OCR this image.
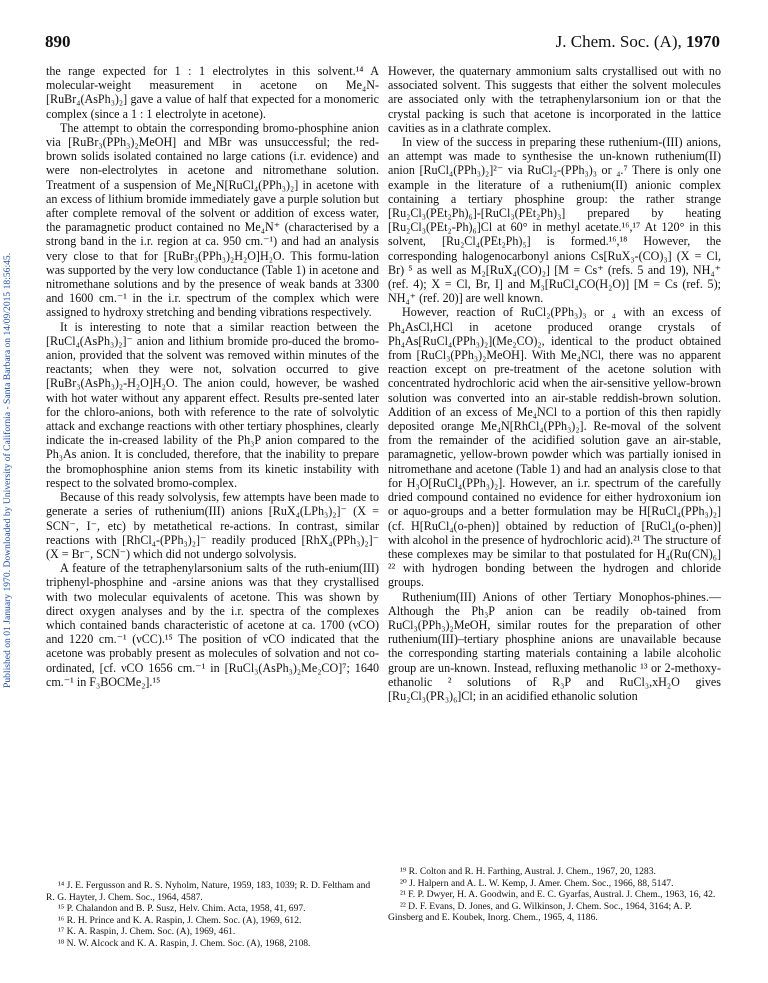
890	J. Chem. Soc. (A), 1970
Published on 01 January 1970. Downloaded by University of California - Santa Barbara on 14/09/2015 18:56:45.

the range expected for 1 : 1 electrolytes in this solvent.¹⁴ A molecular-weight measurement in acetone on Me₄N-[RuBr₄(AsPh₃)₂] gave a value of half that expected for a monomeric complex (since a 1 : 1 electrolyte in acetone).

The attempt to obtain the corresponding bromo-phosphine anion via [RuBr₃(PPh₃)₂MeOH] and MBr was unsuccessful; the red-brown solids isolated contained no large cations (i.r. evidence) and were non-electrolytes in acetone and nitromethane solution. Treatment of a suspension of Me₄N[RuCl₄(PPh₃)₂] in acetone with an excess of lithium bromide immediately gave a purple solution but after complete removal of the solvent or addition of excess water, the paramagnetic product contained no Me₄N⁺ (characterised by a strong band in the i.r. region at ca. 950 cm.⁻¹) and had an analysis very close to that for [RuBr₃(PPh₃)₂H₂O]H₂O. This formu-lation was supported by the very low conductance (Table 1) in acetone and nitromethane solutions and by the presence of weak bands at 3300 and 1600 cm.⁻¹ in the i.r. spectrum of the complex which were assigned to hydroxy stretching and bending vibrations respectively.

It is interesting to note that a similar reaction between the [RuCl₄(AsPh₃)₂]⁻ anion and lithium bromide pro-duced the bromo-anion, provided that the solvent was removed within minutes of the reactants; when they were not, solvation occurred to give [RuBr₃(AsPh₃)₂-H₂O]H₂O. The anion could, however, be washed with hot water without any apparent effect. Results pre-sented later for the chloro-anions, both with reference to the rate of solvolytic attack and exchange reactions with other tertiary phosphines, clearly indicate the in-creased lability of the Ph₃P anion compared to the Ph₃As anion. It is concluded, therefore, that the inability to prepare the bromophosphine anion stems from its kinetic instability with respect to the solvated bromo-complex.

Because of this ready solvolysis, few attempts have been made to generate a series of ruthenium(III) anions [RuX₄(LPh₃)₂]⁻ (X = SCN⁻, I⁻, etc) by metathetical re-actions. In contrast, similar reactions with [RhCl₄-(PPh₃)₂]⁻ readily produced [RhX₄(PPh₃)₂]⁻ (X = Br⁻, SCN⁻) which did not undergo solvolysis.

A feature of the tetraphenylarsonium salts of the ruth-enium(III) triphenyl-phosphine and -arsine anions was that they crystallised with two molecular equivalents of acetone. This was shown by direct oxygen analyses and by the i.r. spectra of the complexes which contained bands characteristic of acetone at ca. 1700 (νCO) and 1220 cm.⁻¹ (νCC).¹⁵ The position of νCO indicated that the acetone was probably present as molecules of solvation and not co-ordinated, [cf. νCO 1656 cm.⁻¹ in [RuCl₃(AsPh₃)₂Me₂CO]⁷; 1640 cm.⁻¹ in F₃BOCMe₂].¹⁵

¹⁴ J. E. Fergusson and R. S. Nyholm, Nature, 1959, 183, 1039; R. D. Feltham and R. G. Hayter, J. Chem. Soc., 1964, 4587.

¹⁵ P. Chalandon and B. P. Susz, Helv. Chim. Acta, 1958, 41, 697.

¹⁶ R. H. Prince and K. A. Raspin, J. Chem. Soc. (A), 1969, 612.

¹⁷ K. A. Raspin, J. Chem. Soc. (A), 1969, 461.

¹⁸ N. W. Alcock and K. A. Raspin, J. Chem. Soc. (A), 1968, 2108.

However, the quaternary ammonium salts crystallised out with no associated solvent. This suggests that either the solvent molecules are associated only with the tetraphenylarsonium ion or that the crystal packing is such that acetone is incorporated in the lattice cavities as in a clathrate complex.

In view of the success in preparing these ruthenium-(III) anions, an attempt was made to synthesise the un-known ruthenium(II) anion [RuCl₄(PPh₃)₂]²⁻ via RuCl₂-(PPh₃)₃ or ₄.⁷ There is only one example in the literature of a ruthenium(II) anionic complex containing a tertiary phosphine group: the rather strange [Ru₂Cl₃(PEt₂Ph)₆]-[RuCl₃(PEt₂Ph)₃] prepared by heating [Ru₂Cl₃(PEt₂-Ph)₆]Cl at 60° in methyl acetate.¹⁶,¹⁷ At 120° in this solvent, [Ru₂Cl₄(PEt₂Ph)₅] is formed.¹⁶,¹⁸ However, the corresponding halogenocarbonyl anions Cs[RuX₃-(CO)₃] (X = Cl, Br) ⁵ as well as M₂[RuX₄(CO)₂] [M = Cs⁺ (refs. 5 and 19), NH₄⁺ (ref. 4); X = Cl, Br, I] and M₃[RuCl₄CO(H₂O)] [M = Cs (ref. 5); NH₄⁺ (ref. 20)] are well known.

However, reaction of RuCl₂(PPh₃)₃ or ₄ with an excess of Ph₄AsCl,HCl in acetone produced orange crystals of Ph₄As[RuCl₄(PPh₃)₂](Me₂CO)₂, identical to the product obtained from [RuCl₃(PPh₃)₂MeOH]. With Me₄NCl, there was no apparent reaction except on pre-treatment of the acetone solution with concentrated hydrochloric acid when the air-sensitive yellow-brown solution was converted into an air-stable reddish-brown solution. Addition of an excess of Me₄NCl to a portion of this then rapidly deposited orange Me₄N[RhCl₄(PPh₃)₂]. Re-moval of the solvent from the remainder of the acidified solution gave an air-stable, paramagnetic, yellow-brown powder which was partially ionised in nitromethane and acetone (Table 1) and had an analysis close to that for H₃O[RuCl₄(PPh₃)₂]. However, an i.r. spectrum of the carefully dried compound contained no evidence for either hydroxonium ion or aquo-groups and a better formulation may be H[RuCl₄(PPh₃)₂] (cf. H[RuCl₄(o-phen)] obtained by reduction of [RuCl₄(o-phen)] with alcohol in the presence of hydrochloric acid).²¹ The structure of these complexes may be similar to that postulated for H₄(Ru(CN)₆] ²² with hydrogen bonding between the hydrogen and chloride groups.

Ruthenium(III) Anions of other Tertiary Monophos-phines.—Although the Ph₃P anion can be readily ob-tained from RuCl₃(PPh₃)₂MeOH, similar routes for the preparation of other ruthenium(III)–tertiary phosphine anions are unavailable because the corresponding starting materials containing a labile alcoholic group are un-known. Instead, refluxing methanolic ¹³ or 2-methoxy-ethanolic ² solutions of R₃P and RuCl₃,xH₂O gives [Ru₂Cl₃(PR₃)₆]Cl; in an acidified ethanolic solution

¹⁹ R. Colton and R. H. Farthing, Austral. J. Chem., 1967, 20, 1283.

²⁰ J. Halpern and A. L. W. Kemp, J. Amer. Chem. Soc., 1966, 88, 5147.

²¹ F. P. Dwyer, H. A. Goodwin, and E. C. Gyarfas, Austral. J. Chem., 1963, 16, 42.

²² D. F. Evans, D. Jones, and G. Wilkinson, J. Chem. Soc., 1964, 3164; A. P. Ginsberg and E. Koubek, Inorg. Chem., 1965, 4, 1186.
